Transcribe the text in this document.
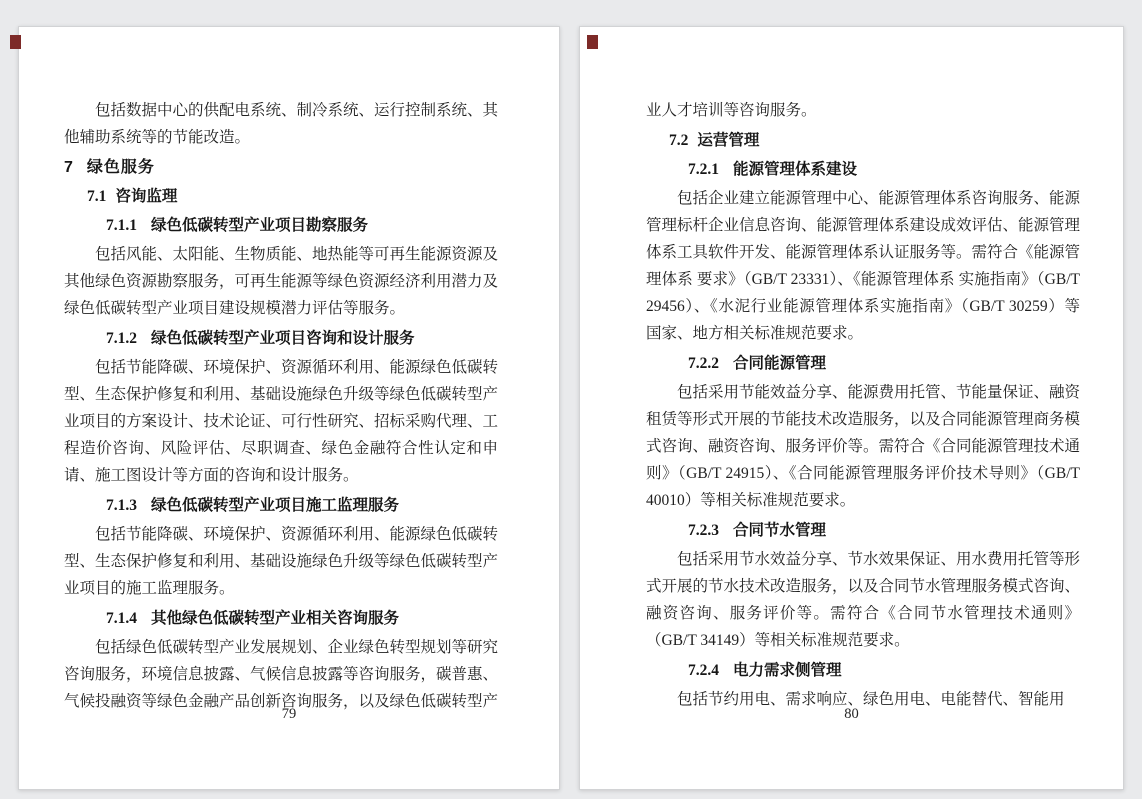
包括数据中心的供配电系统、制冷系统、运行控制系统、其他辅助系统等的节能改造。

7 绿色服务
7.1 咨询监理
7.1.1 绿色低碳转型产业项目勘察服务

包括风能、太阳能、生物质能、地热能等可再生能源资源及其他绿色资源勘察服务，可再生能源等绿色资源经济利用潜力及绿色低碳转型产业项目建设规模潜力评估等服务。

7.1.2 绿色低碳转型产业项目咨询和设计服务

包括节能降碳、环境保护、资源循环利用、能源绿色低碳转型、生态保护修复和利用、基础设施绿色升级等绿色低碳转型产业项目的方案设计、技术论证、可行性研究、招标采购代理、工程造价咨询、风险评估、尽职调查、绿色金融符合性认定和申请、施工图设计等方面的咨询和设计服务。

7.1.3 绿色低碳转型产业项目施工监理服务

包括节能降碳、环境保护、资源循环利用、能源绿色低碳转型、生态保护修复和利用、基础设施绿色升级等绿色低碳转型产业项目的施工监理服务。

7.1.4 其他绿色低碳转型产业相关咨询服务

包括绿色低碳转型产业发展规划、企业绿色转型规划等研究咨询服务，环境信息披露、气候信息披露等咨询服务，碳普惠、气候投融资等绿色金融产品创新咨询服务，以及绿色低碳转型产

79

业人才培训等咨询服务。

7.2 运营管理
7.2.1 能源管理体系建设

包括企业建立能源管理中心、能源管理体系咨询服务、能源管理标杆企业信息咨询、能源管理体系建设成效评估、能源管理体系工具软件开发、能源管理体系认证服务等。需符合《能源管理体系 要求》（GB/T 23331）、《能源管理体系 实施指南》（GB/T 29456）、《水泥行业能源管理体系实施指南》（GB/T 30259）等国家、地方相关标准规范要求。

7.2.2 合同能源管理

包括采用节能效益分享、能源费用托管、节能量保证、融资租赁等形式开展的节能技术改造服务，以及合同能源管理商务模式咨询、融资咨询、服务评价等。需符合《合同能源管理技术通则》（GB/T 24915）、《合同能源管理服务评价技术导则》（GB/T 40010）等相关标准规范要求。

7.2.3 合同节水管理

包括采用节水效益分享、节水效果保证、用水费用托管等形式开展的节水技术改造服务，以及合同节水管理服务模式咨询、融资咨询、服务评价等。需符合《合同节水管理技术通则》（GB/T 34149）等相关标准规范要求。

7.2.4 电力需求侧管理

包括节约用电、需求响应、绿色用电、电能替代、智能用

80
